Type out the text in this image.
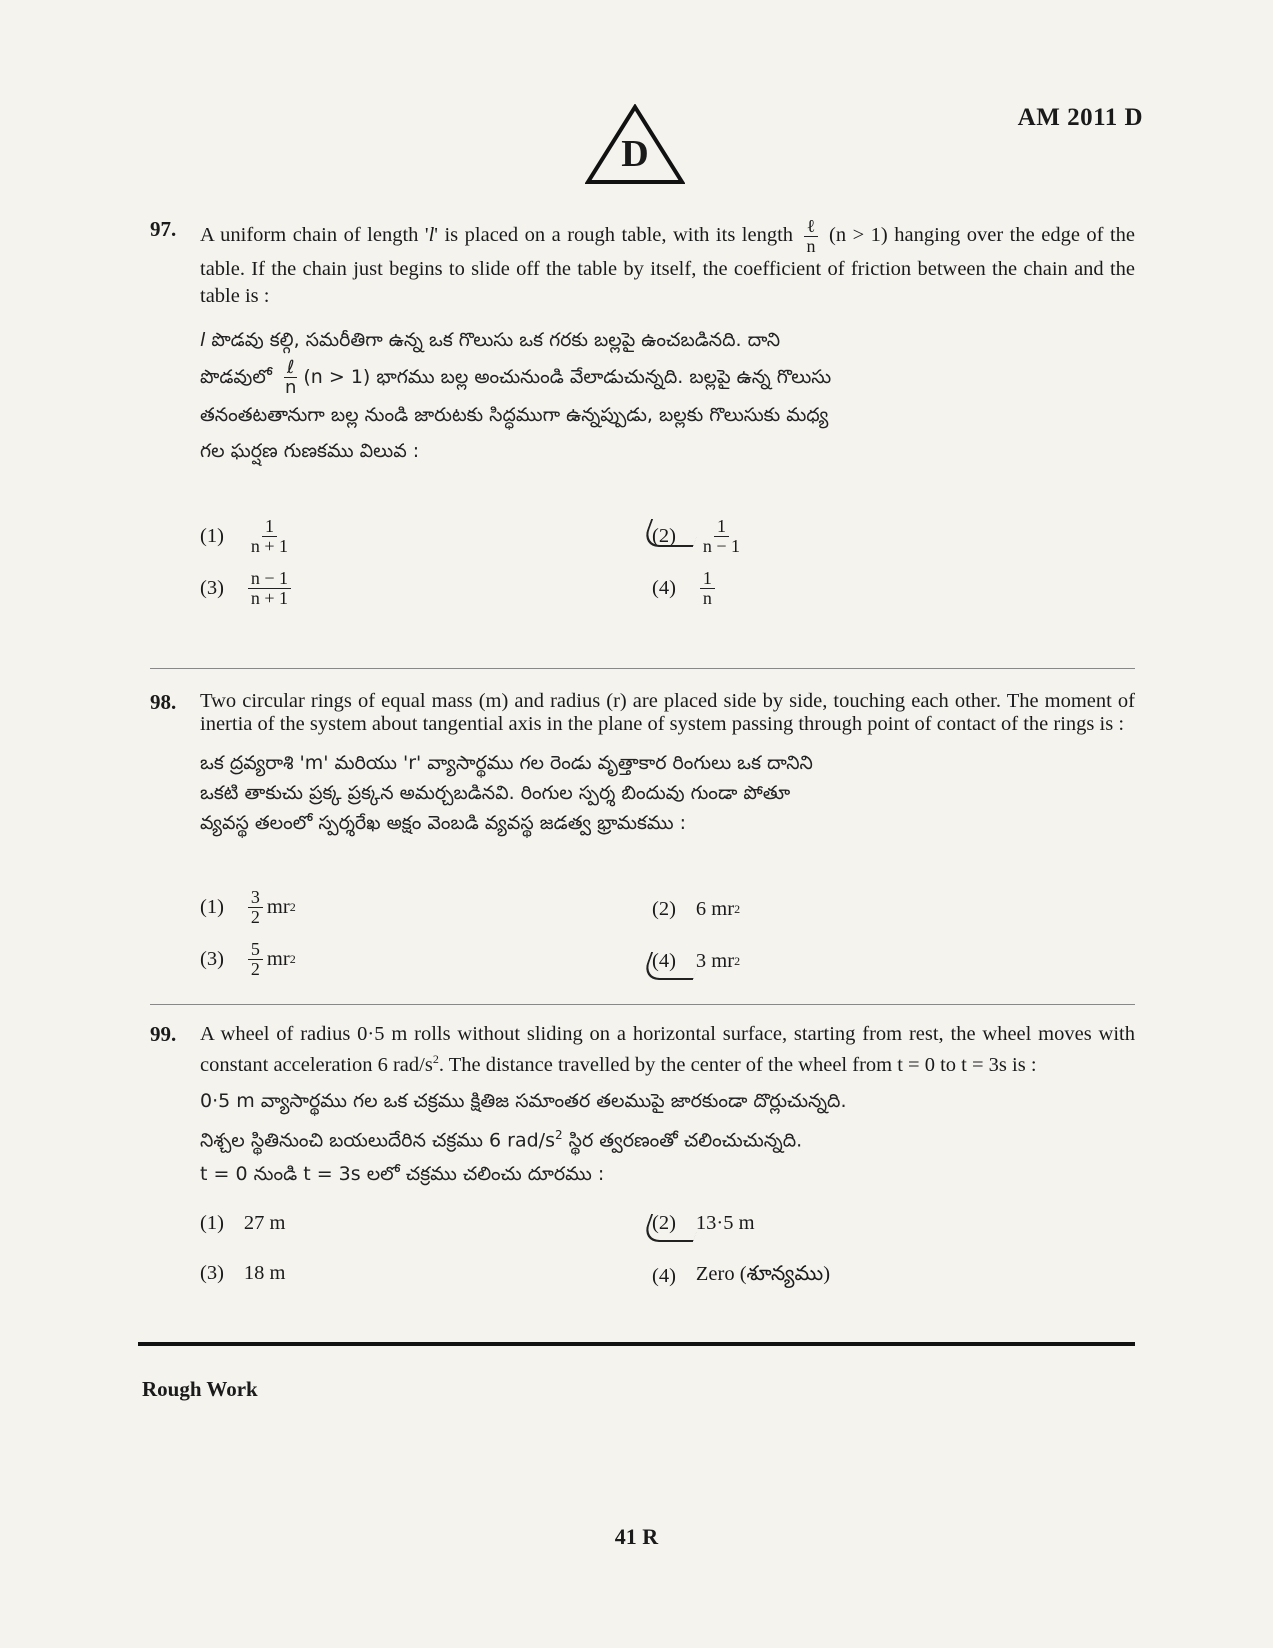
D
AM 2011 D
97. A uniform chain of length 'l' is placed on a rough table, with its length $\frac{\text{ℓ}}{n} (n > 1)$ hanging over the edge of the table. If the chain just begins to slide off the table by itself, the coefficient of friction between the chain and the table is :
l పొడవు కల్గి, సమరీతిగా ఉన్న ఒక గొలుసు ఒక గరకు బల్లపై ఉంచబడినది. దాని
పొడవులో $\frac{\text{ℓ}}{n} (n > 1)$ భాగము బల్ల అంచునుండి వేలాడుచున్నది. బల్లపై ఉన్న గొలుసు
తనంతటతానుగా బల్ల నుండి జారుటకు సిద్ధముగా ఉన్నప్పుడు, బల్లకు గొలుసుకు మధ్య
గల ఘర్షణ గుణకము విలువ :
$(1) \frac{1}{n + 1}$	$(2) \frac{1}{n - 1}$
$(3) \frac{n - 1}{n + 1}$	$(4) \frac{1}{n}$
98. Two circular rings of equal mass (m) and radius (r) are placed side by side, touching each other. The moment of inertia of the system about tangential axis in the plane of system passing through point of contact of the rings is :
ఒక ద్రవ్యరాశి 'm' మరియు 'r' వ్యాసార్థము గల రెండు వృత్తాకార రింగులు ఒక దానిని
ఒకటి తాకుచు ప్రక్క ప్రక్కన అమర్చబడినవి. రింగుల స్పర్శ బిందువు గుండా పోతూ
వ్యవస్థ తలంలో స్పర్శరేఖ అక్షం వెంబడి వ్యవస్థ జడత్వ భ్రామకము :
$(1) \frac{3}{2}$ mr 2	(2) 6 mr 2
$(3) \frac{5}{2}$ mr 2	(4) 3 mr 2
99. A wheel of radius 0·5 m rolls without sliding on a horizontal surface, starting from rest, the wheel moves with constant acceleration 6 rad/$s^2$. The distance travelled by the center of the wheel from t = 0 to t = 3s is :
0·5 m వ్యాసార్థము గల ఒక చక్రము క్షితిజ సమాంతర తలముపై జారకుండా దొర్లుచున్నది.
నిశ్చల స్థితినుంచి బయలుదేరిన చక్రము 6 rad/$s^2$ స్థిర త్వరణంతో చలించుచున్నది.
t = 0 నుండి t = 3s లలో చక్రము చలించు దూరము :
(1) 27 m	(2) 13·5 m
(3) 18 m	(4) Zero (శూన్యము)
Rough Work
41 R
